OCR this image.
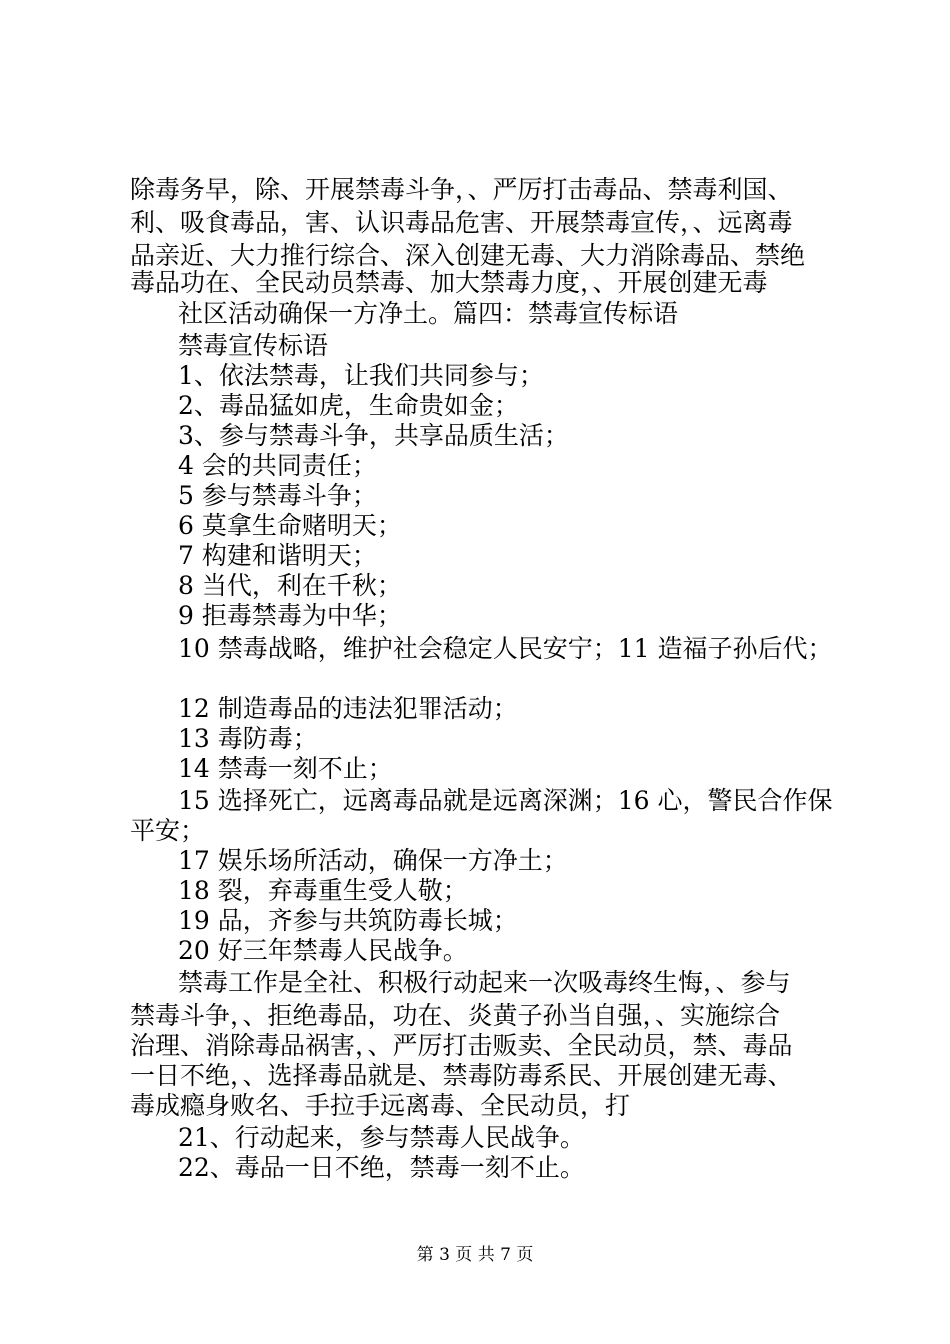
除毒务早，除、开展禁毒斗争，、严厉打击毒品、禁毒利国、
利、吸食毒品，害、认识毒品危害、开展禁毒宣传，、远离毒
品亲近、大力推行综合、深入创建无毒、大力消除毒品、禁绝
毒品功在、全民动员禁毒、加大禁毒力度，、开展创建无毒
社区活动确保一方净土。篇四：禁毒宣传标语
禁毒宣传标语
1、依法禁毒，让我们共同参与；
2、毒品猛如虎，生命贵如金；
3、参与禁毒斗争，共享品质生活；
4 会的共同责任；
5 参与禁毒斗争；
6 莫拿生命赌明天；
7 构建和谐明天；
8 当代，利在千秋；
9 拒毒禁毒为中华；
10 禁毒战略，维护社会稳定人民安宁；11 造福子孙后代；
12 制造毒品的违法犯罪活动；
13 毒防毒；
14 禁毒一刻不止；
15 选择死亡，远离毒品就是远离深渊；16 心，警民合作保
平安；
17 娱乐场所活动，确保一方净土；
18 裂，弃毒重生受人敬；
19 品，齐参与共筑防毒长城；
20 好三年禁毒人民战争。
禁毒工作是全社、积极行动起来一次吸毒终生悔，、参与
禁毒斗争，、拒绝毒品，功在、炎黄子孙当自强，、实施综合
治理、消除毒品祸害，、严厉打击贩卖、全民动员，禁、毒品
一日不绝，、选择毒品就是、禁毒防毒系民、开展创建无毒、
毒成瘾身败名、手拉手远离毒、全民动员，打
21、行动起来，参与禁毒人民战争。
22、毒品一日不绝，禁毒一刻不止。
第 3 页 共 7 页
